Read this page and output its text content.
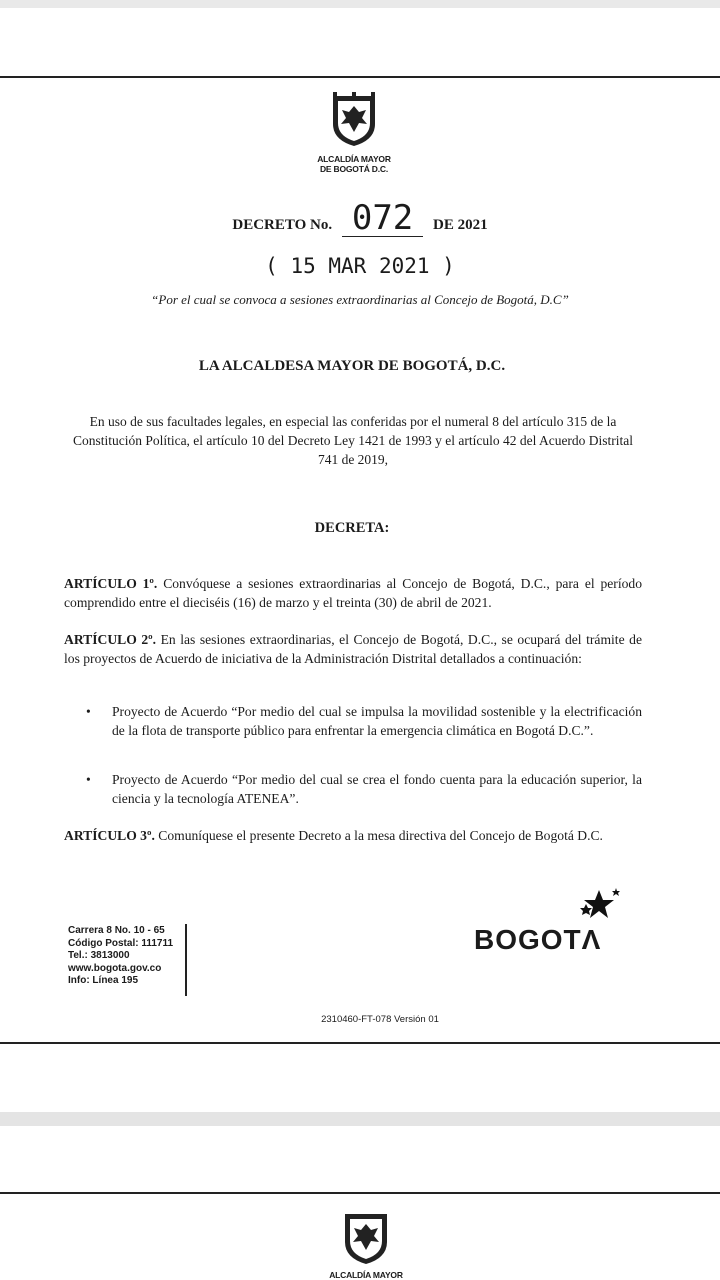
ALCALDÍA MAYOR
DE BOGOTÁ D.C.
DECRETO No. 072 DE 2021
( 15 MAR 2021 )
“Por el cual se convoca a sesiones extraordinarias al Concejo de Bogotá, D.C”
LA ALCALDESA MAYOR DE BOGOTÁ, D.C.
En uso de sus facultades legales, en especial las conferidas por el numeral 8 del artículo 315 de la Constitución Política, el artículo 10 del Decreto Ley 1421 de 1993 y el artículo 42 del Acuerdo Distrital 741 de 2019,
DECRETA:
ARTÍCULO 1º. Convóquese a sesiones extraordinarias al Concejo de Bogotá, D.C., para el período comprendido entre el dieciséis (16) de marzo y el treinta (30) de abril de 2021.
ARTÍCULO 2º. En las sesiones extraordinarias, el Concejo de Bogotá, D.C., se ocupará del trámite de los proyectos de Acuerdo de iniciativa de la Administración Distrital detallados a continuación:
• Proyecto de Acuerdo “Por medio del cual se impulsa la movilidad sostenible y la electrificación de la flota de transporte público para enfrentar la emergencia climática en Bogotá D.C.”.
• Proyecto de Acuerdo “Por medio del cual se crea el fondo cuenta para la educación superior, la ciencia y la tecnología ATENEA”.
ARTÍCULO 3º. Comuníquese el presente Decreto a la mesa directiva del Concejo de Bogotá D.C.
Carrera 8 No. 10 - 65
Código Postal: 111711
Tel.: 3813000
www.bogota.gov.co
Info: Línea 195
BOGOTΛ
2310460-FT-078 Versión 01
ALCALDÍA MAYOR
